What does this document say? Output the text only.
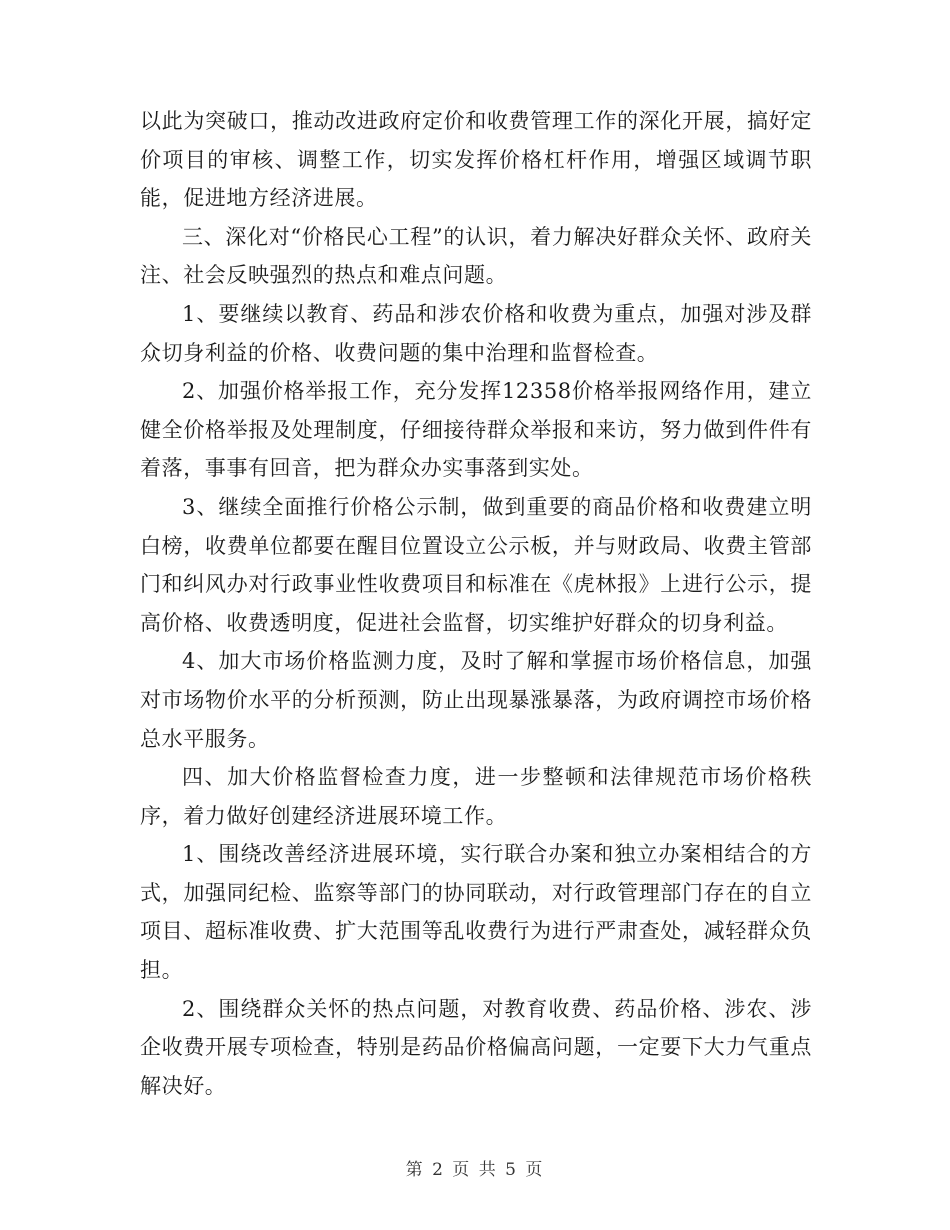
以此为突破口，推动改进政府定价和收费管理工作的深化开展，搞好定价项目的审核、调整工作，切实发挥价格杠杆作用，增强区域调节职能，促进地方经济进展。

三、深化对“价格民心工程”的认识，着力解决好群众关怀、政府关注、社会反映强烈的热点和难点问题。

1、要继续以教育、药品和涉农价格和收费为重点，加强对涉及群众切身利益的价格、收费问题的集中治理和监督检查。

2、加强价格举报工作，充分发挥12358价格举报网络作用，建立健全价格举报及处理制度，仔细接待群众举报和来访，努力做到件件有着落，事事有回音，把为群众办实事落到实处。

3、继续全面推行价格公示制，做到重要的商品价格和收费建立明白榜，收费单位都要在醒目位置设立公示板，并与财政局、收费主管部门和纠风办对行政事业性收费项目和标准在《虎林报》上进行公示，提高价格、收费透明度，促进社会监督，切实维护好群众的切身利益。

4、加大市场价格监测力度，及时了解和掌握市场价格信息，加强对市场物价水平的分析预测，防止出现暴涨暴落，为政府调控市场价格总水平服务。

四、加大价格监督检查力度，进一步整顿和法律规范市场价格秩序，着力做好创建经济进展环境工作。

1、围绕改善经济进展环境，实行联合办案和独立办案相结合的方式，加强同纪检、监察等部门的协同联动，对行政管理部门存在的自立项目、超标准收费、扩大范围等乱收费行为进行严肃查处，减轻群众负担。

2、围绕群众关怀的热点问题，对教育收费、药品价格、涉农、涉企收费开展专项检查，特别是药品价格偏高问题，一定要下大力气重点解决好。

第 2 页 共 5 页
